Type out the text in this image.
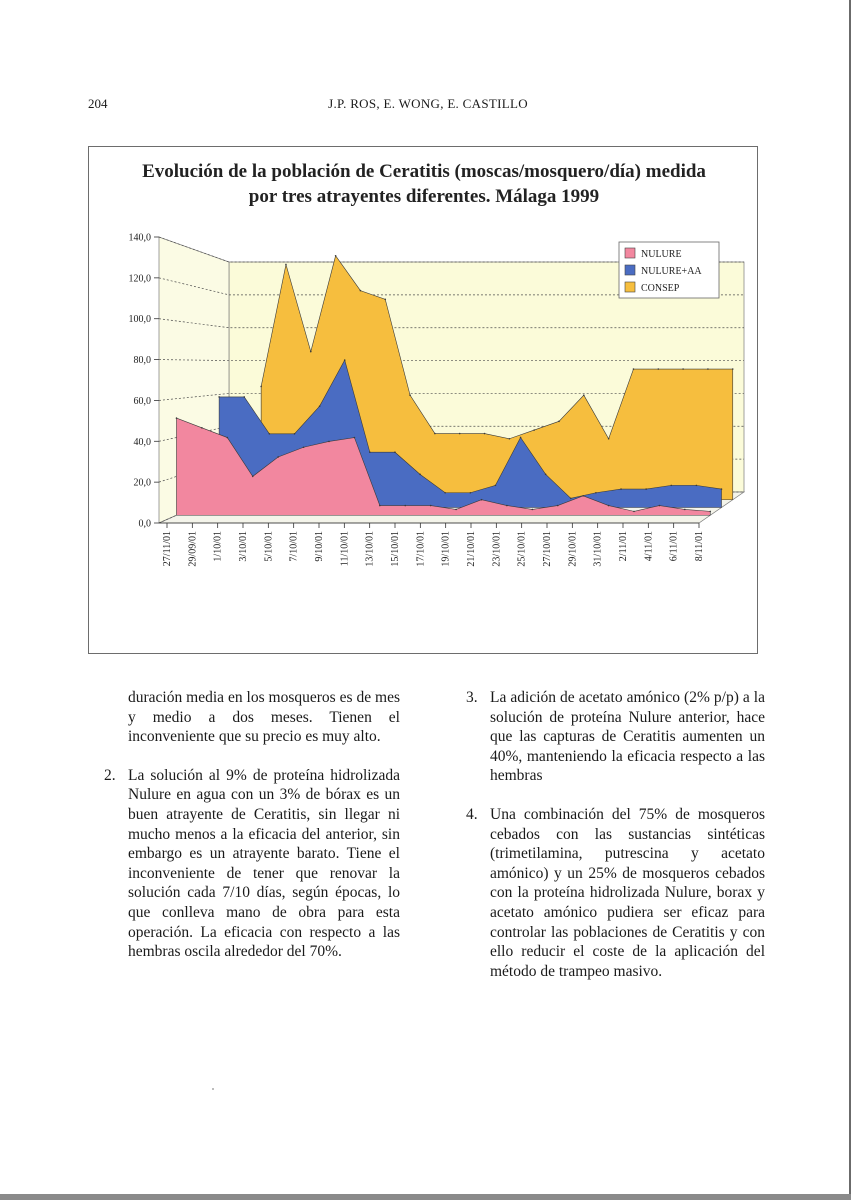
204	J.P. ROS, E. WONG, E. CASTILLO
0,0
20,0
40,0
60,0
80,0
100,0
120,0
140,0
27/11/01 29/09/01 1/10/01 3/10/01 5/10/01 7/10/01 9/10/01 11/10/01 13/10/01 15/10/01 17/10/01 19/10/01 21/10/01 23/10/01 25/10/01 27/10/01 29/10/01 31/10/01 2/11/01 4/11/01 6/11/01 8/11/01
NULURE
NULURE+AA
CONSEP
Evolución de la población de Ceratitis (moscas/mosquero/día) medida
por tres atrayentes diferentes. Málaga 1999
duración media en los mosqueros es de mes y medio a dos meses. Tienen el inconveniente que su precio es muy alto.
2. La solución al 9% de proteína hidrolizada Nulure en agua con un 3% de bórax es un buen atrayente de Ceratitis, sin llegar ni mucho menos a la eficacia del anterior, sin embargo es un atrayente barato. Tiene el inconveniente de tener que renovar la solución cada 7/10 días, según épocas, lo que conlleva mano de obra para esta operación. La eficacia con respecto a las hembras oscila alrededor del 70%.
3. La adición de acetato amónico (2% p/p) a la solución de proteína Nulure anterior, hace que las capturas de Ceratitis aumenten un 40%, manteniendo la eficacia respecto a las hembras
4. Una combinación del 75% de mosqueros cebados con las sustancias sintéticas (trimetilamina, putrescina y acetato amónico) y un 25% de mosqueros cebados con la proteína hidrolizada Nulure, borax y acetato amónico pudiera ser eficaz para controlar las poblaciones de Ceratitis y con ello reducir el coste de la aplicación del método de trampeo masivo.
